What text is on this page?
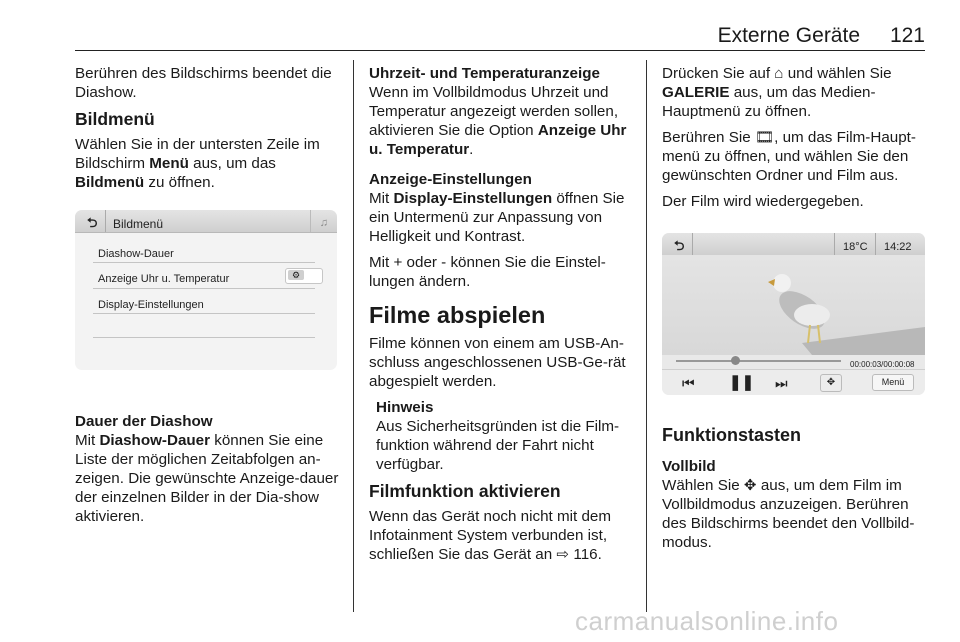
Externe Geräte	121

Berühren des Bildschirms beendet die Diashow.

Bildmenü

Wählen Sie in der untersten Zeile im Bildschirm Menü aus, um das Bildmenü zu öffnen.

⮌ Bildmenü	♫
Diashow-Dauer
Anzeige Uhr u. Temperatur	⚙
Display-Einstellungen
Dauer der Diashow

Mit Diashow-Dauer können Sie eine Liste der möglichen Zeitabfolgen an-zeigen. Die gewünschte Anzeige-dauer der einzelnen Bilder in der Dia-show aktivieren.

Uhrzeit- und Temperaturanzeige

Wenn im Vollbildmodus Uhrzeit und Temperatur angezeigt werden sollen, aktivieren Sie die Option Anzeige Uhr u. Temperatur.

Anzeige-Einstellungen

Mit Display-Einstellungen öffnen Sie ein Untermenü zur Anpassung von Helligkeit und Kontrast.

Mit + oder - können Sie die Einstel-lungen ändern.

Filme abspielen

Filme können von einem am USB-An-schluss angeschlossenen USB-Ge-rät abgespielt werden.

Hinweis

Aus Sicherheitsgründen ist die Film-funktion während der Fahrt nicht verfügbar.

Filmfunktion aktivieren

Wenn das Gerät noch nicht mit dem Infotainment System verbunden ist, schließen Sie das Gerät an ⇨ 116.

Drücken Sie auf ⌂ und wählen Sie GALERIE aus, um das Medien-Hauptmenü zu öffnen.

Berühren Sie 🎞, um das Film-Haupt-menü zu öffnen, und wählen Sie den gewünschten Ordner und Film aus.

Der Film wird wiedergegeben.

⮌	18°C 14:22
00:00:03/00:00:08
⏮ ❚❚ ⏭	✥	Menü
Funktionstasten
Vollbild

Wählen Sie ✥ aus, um dem Film im Vollbildmodus anzuzeigen. Berühren des Bildschirms beendet den Vollbild-modus.

carmanualsonline.info
